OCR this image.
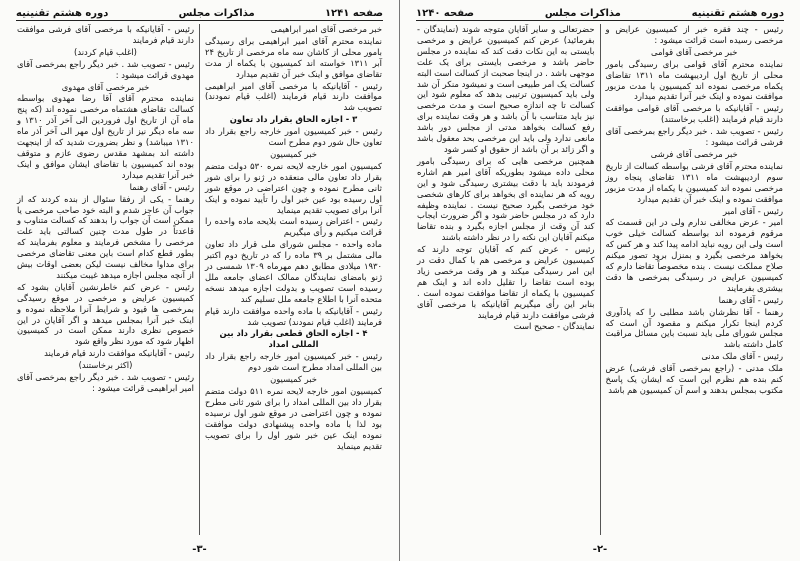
صفحه ۱۲۴۱
مذاکرات مجلس
دوره هشتم تقنينيه

خبر مرخصی آقای امیر ابراهیمی

نماینده محترم آقای امیر ابراهیمی برای رسیدگی بامور محلی از کاشان سه ماه مرخصی از تاریخ ۲۴ آبر ۱۳۱۱ خواسته اند کمیسیون با یکماه از مدت تقاضای موافق و اینک خبر آن تقدیم میدارد

رئیس - آقایانیکه با مرخصی آقای امیر ابراهیمی موافقت دارند قیام فرمایند (اغلب قیام نمودند) تصویب شد

۳ - اجازه الحاق بقرار داد تعاون

رئیس - خبر کمیسیون امور خارجه راجع بقرار داد تعاون حال شور دوم مطرح است

خبر کمیسیون

کمیسیون امور خارجه لایحه نمره ۵۳۰ دولت متضم بقرار داد تعاون مالی منعقده در ژنو را برای شور ثانی مطرح نموده و چون اعتراضی در موقع شور اول رسیده بود عین خبر اول را تأیید نموده و اینک آنرا برای تصویب تقدیم مینماید

رئیس - اعتراض رسیده است بلایحه ماده واحده را قرائت میکنیم و رأی میگیریم

ماده واحده - مجلس شورای ملی قرار داد تعاون مالی مشتمل بر ۳۹ ماده را که در تاریخ دوم اکتبر ۱۹۳۰ میلادی مطابق دهم مهرماه ۱۳۰۹ شمسی در ژنو بامضای نمایندگان ممالک اعضای جامعه ملل رسیده است تصویب و بدولت اجازه میدهد نسخه متحده آنرا با اطلاع جامعه ملل تسلیم کند

رئیس - آقایانیکه با ماده واحده موافقت دارند قیام فرمایند (اغلب قیام نمودند) تصویب شد

۴ - اجازه الحاق قطعی بقرار داد بین المللی امداد

رئیس - خبر کمیسیون امور خارجه راجع بقرار داد بین المللی امداد مطرح است شور دوم

خبر کمیسیون

کمیسیون امور خارجه لایحه نمره ۵۱۱ دولت متضم بقرار داد بین المللی امداد را برای شور ثانی مطرح نموده و چون اعتراضی در موقع شور اول نرسیده بود لذا با ماده واحده پیشنهادی دولت موافقت نموده اینک عین خبر شور اول را برای تصویب تقدیم مینماید

رئیس - آقایانیکه با مرخصی آقای فرشی موافقت دارند قیام فرمایند

(اغلب قیام کردند)

رئیس - تصویب شد . خبر دیگر راجع بمرخصی آقای مهدوی قرائت میشود :

خبر مرخصی آقای مهدوی

نماینده محترم آقای آقا رضا مهدوی بواسطه کسالت تقاضای هشتماه مرخصی نموده اند (که پنج ماه آن از تاریخ اول فروردین الی آخر آذر ۱۳۱۰ و سه ماه دیگر نیز از تاریخ اول مهر الی آخر آذر ماه ۱۳۱۰ میباشد) و نظر بضرورت شدید که از اینجهت داشته اند بمشهد مقدس رضوی عازم و متوقف بوده اند کمیسیون با تقاضای ایشان موافق و اینک خبر آنرا تقدیم میدارد

رئیس - آقای رهنما

رهنما - یکی از رفقا سئوال از بنده کردند که از جواب آن عاجز شدم و البته خود صاحب مرخصی یا ممکن است آن جواب را بدهند که کسالت متناوب و قاعدتاً در طول مدت چنین کسالتی باید علت مرخصی را مشخص فرمایند و معلوم بفرمایند که بطور قطع کدام است باین معنی تقاضای مرخصی برای مداوا مخالف نیست لیکن بعضی اوقات بیش از آنچه مجلس اجازه میدهد غیبت میکنند

رئیس - عرض کنم خاطرنشین آقایان بشود که کمیسیون عرایض و مرخصی در موقع رسیدگی بمرخصی ها قیود و شرایط آنرا ملاحظه نموده و اینک خبر آنرا بمجلس میدهد و اگر آقایان در این خصوص نظری دارند ممکن است در کمیسیون اظهار شود که مورد نظر واقع شود

رئیس - آقایانیکه موافقت دارند قیام فرمایند

(اکثر برخاستند)

رئیس - تصویب شد . خبر دیگر راجع بمرخصی آقای امیر ابراهیمی قرائت میشود :

-۳-
دوره هشتم تقنينيه
مذاکرات مجلس
صفحه ۱۲۴۰

رئیس - چند فقره خبر از کمیسیون عرایض و مرخصی رسیده است قرائت میشود :

خبر مرخصی آقای قوامی

نماینده محترم آقای قوامی برای رسیدگی بامور محلی از تاریخ اول اردیبهشت ماه ۱۳۱۱ تقاضای یکماه مرخصی نموده اند کمیسیون با مدت مزبور موافقت نموده و اینک خبر آنرا تقدیم میدارد

رئیس - آقایانیکه با مرخصی آقای قوامی موافقت دارند قیام فرمایند (اغلب برخاستند)

رئیس - تصویب شد . خبر دیگر راجع بمرخصی آقای فرشی قرائت میشود :

خبر مرخصی آقای فرشی

نماینده محترم آقای فرشی بواسطه کسالت از تاریخ سوم اردیبهشت ماه ۱۳۱۱ تقاضای پنجاه روز مرخصی نموده اند کمیسیون با یکماه از مدت مزبور موافقت نموده و اینک خبر آن تقدیم میدارد

رئیس - آقای امیر

امیر - عرض مخالفی ندارم ولی در این قسمت که مرقوم فرموده اند بواسطه کسالت خیلی خوب است ولی این رویه نباید ادامه پیدا کند و هر کس که بخواهد مرخصی بگیرد و بمنزل برود تصور میکنم صلاح مملکت نیست . بنده مخصوصاً تقاضا دارم که کمیسیون عرایض در رسیدگی بمرخصی ها دقت بیشتری بفرمایند

رئیس - آقای رهنما

رهنما - آقا نظرشان باشد مطلبی را که یادآوری کردم اینجا تکرار میکنم و مقصود آن است که مجلس شورای ملی باید نسبت باین مسائل مراقبت کامل داشته باشد

رئیس - آقای ملک مدنی

ملک مدنی - (راجع بمرخصی آقای فرشی) عرض کنم بنده هم نظرم این است که ایشان یک پاسخ مکتوب بمجلس بدهند و اسم آن کمیسیون هم باشد

حضرتعالی و سایر آقایان متوجه شوند (نمایندگان - بفرمائید) عرض کنم کمیسیون عرایض و مرخصی بایستی به این نکات دقت کند که نماینده در مجلس حاضر باشد و مرخصی بایستی برای یک علت موجهی باشد . در اینجا صحبت از کسالت است البته کسالت یک امر طبیعی است و نمیشود منکر آن شد ولی باید کمیسیون ترتیبی بدهد که معلوم شود این کسالت تا چه اندازه صحیح است و مدت مرخصی نیز باید متناسب با آن باشد و هر وقت نماینده برای رفع کسالت بخواهد مدتی از مجلس دور باشد مانعی ندارد ولی باید این مرخصی بحد معقول باشد و اگر زائد بر آن باشد از حقوق او کسر شود

همچنین مرخصی هایی که برای رسیدگی بامور محلی داده میشود بطوریکه آقای امیر هم اشاره فرمودند باید با دقت بیشتری رسیدگی شود و این رویه که هر نماینده ای بخواهد برای کارهای شخصی خود مرخصی بگیرد صحیح نیست . نماینده وظیفه دارد که در مجلس حاضر شود و اگر ضرورت ایجاب کند آن وقت از مجلس اجازه بگیرد و بنده تقاضا میکنم آقایان این نکته را در نظر داشته باشند

رئیس - عرض کنم که آقایان توجه دارند که کمیسیون عرایض و مرخصی هم با کمال دقت در این امر رسیدگی میکند و هر وقت مرخصی زیاد بوده است تقاضا را تقلیل داده اند و اینک هم کمیسیون با یکماه از تقاضا موافقت نموده است . بنابر این رأی میگیریم آقایانیکه با مرخصی آقای فرشی موافقت دارند قیام فرمایند

نمایندگان - صحیح است

-۲-
